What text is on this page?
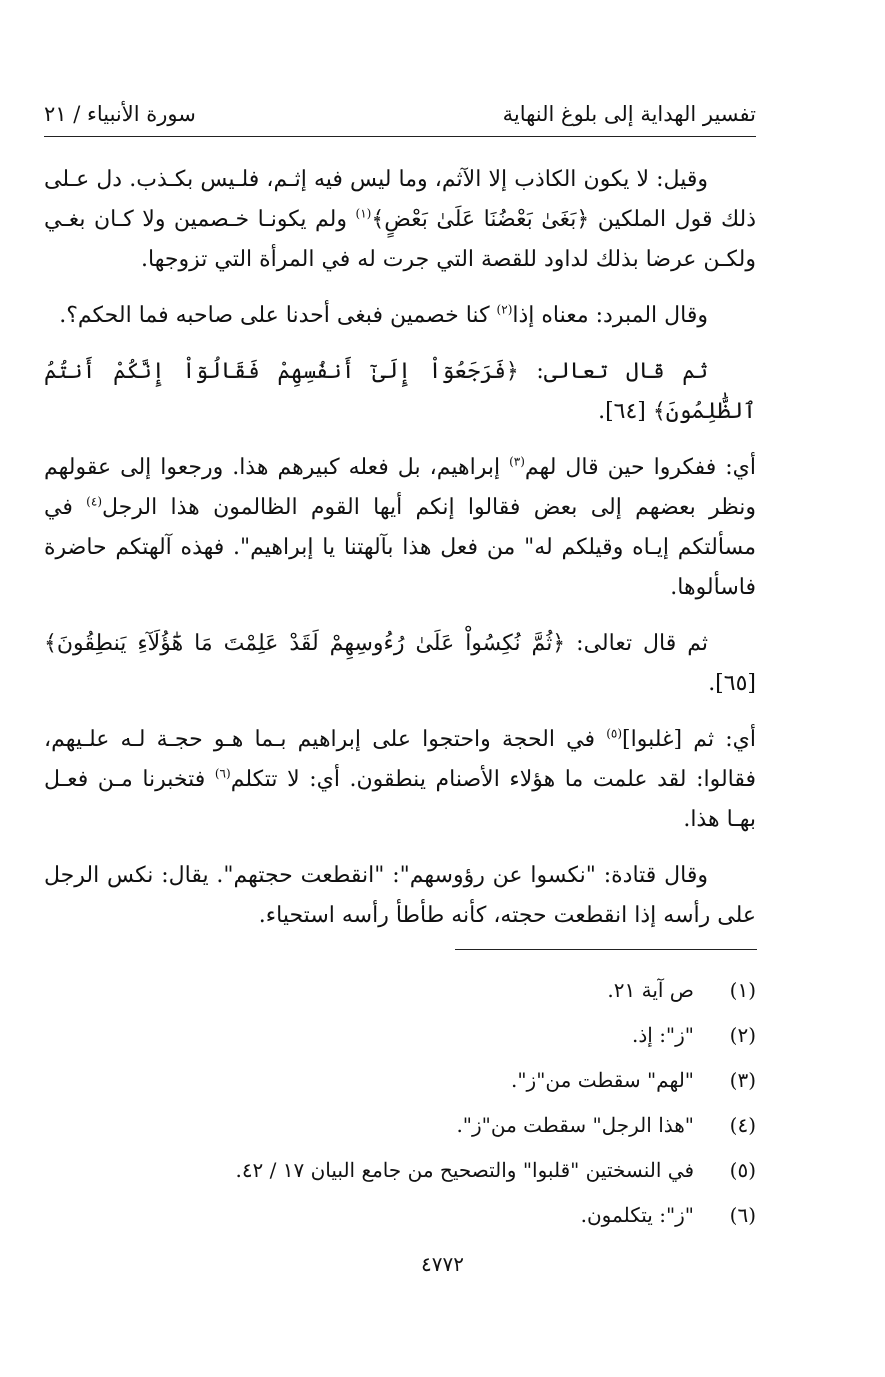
تفسير الهداية إلى بلوغ النهاية
سورة الأنبياء / ٢١

وقيل: لا يكون الكاذب إلا الآثم، وما ليس فيه إثـم، فلـيس بكـذب. دل عـلى ذلك قول الملكين ﴿بَغَىٰ بَعْضُنَا عَلَىٰ بَعْضٍ﴾$^{(١)}$ ولم يكونـا خـصمين ولا كـان بغـي ولكـن عرضا بذلك لداود للقصة التي جرت له في المرأة التي تزوجها.

وقال المبرد: معناه إذا$^{(٢)}$ كنا خصمين فبغى أحدنا على صاحبه فما الحكم؟.

ثم قال تعالى: ﴿فَرَجَعُوٓاْ إِلَىٰٓ أَنفُسِهِمْ فَقَالُوٓاْ إِنَّكُمْ أَنتُمُ ٱلظَّٰلِمُونَ﴾ [٦٤].

أي: ففكروا حين قال لهم$^{(٣)}$ إبراهيم، بل فعله كبيرهم هذا. ورجعوا إلى عقولهم ونظر بعضهم إلى بعض فقالوا إنكم أيها القوم الظالمون هذا الرجل$^{(٤)}$ في مسألتكم إيـاه وقيلكم له" من فعل هذا بآلهتنا يا إبراهيم". فهذه آلهتكم حاضرة فاسألوها.

ثم قال تعالى: ﴿ثُمَّ نُكِسُواْ عَلَىٰ رُءُوسِهِمْ لَقَدْ عَلِمْتَ مَا هَٰٓؤُلَآءِ يَنطِقُونَ﴾ [٦٥].

أي: ثم [غلبوا]$^{(٥)}$ في الحجة واحتجوا على إبراهيم بـما هـو حجـة لـه علـيهم، فقالوا: لقد علمت ما هؤلاء الأصنام ينطقون. أي: لا تتكلم$^{(٦)}$ فتخبرنا مـن فعـل بهـا هذا.

وقال قتادة: "نكسوا عن رؤوسهم": "انقطعت حجتهم". يقال: نكس الرجل على رأسه إذا انقطعت حجته، كأنه طأطأ رأسه استحياء.

(١)
ص آية ٢١.
(٢)
"ز": إذ.
(٣)
"لهم" سقطت من"ز".
(٤)
"هذا الرجل" سقطت من"ز".
(٥)
في النسختين "قلبوا" والتصحيح من جامع البيان ١٧ / ٤٢.
(٦)
"ز": يتكلمون.
٤٧٧٢
